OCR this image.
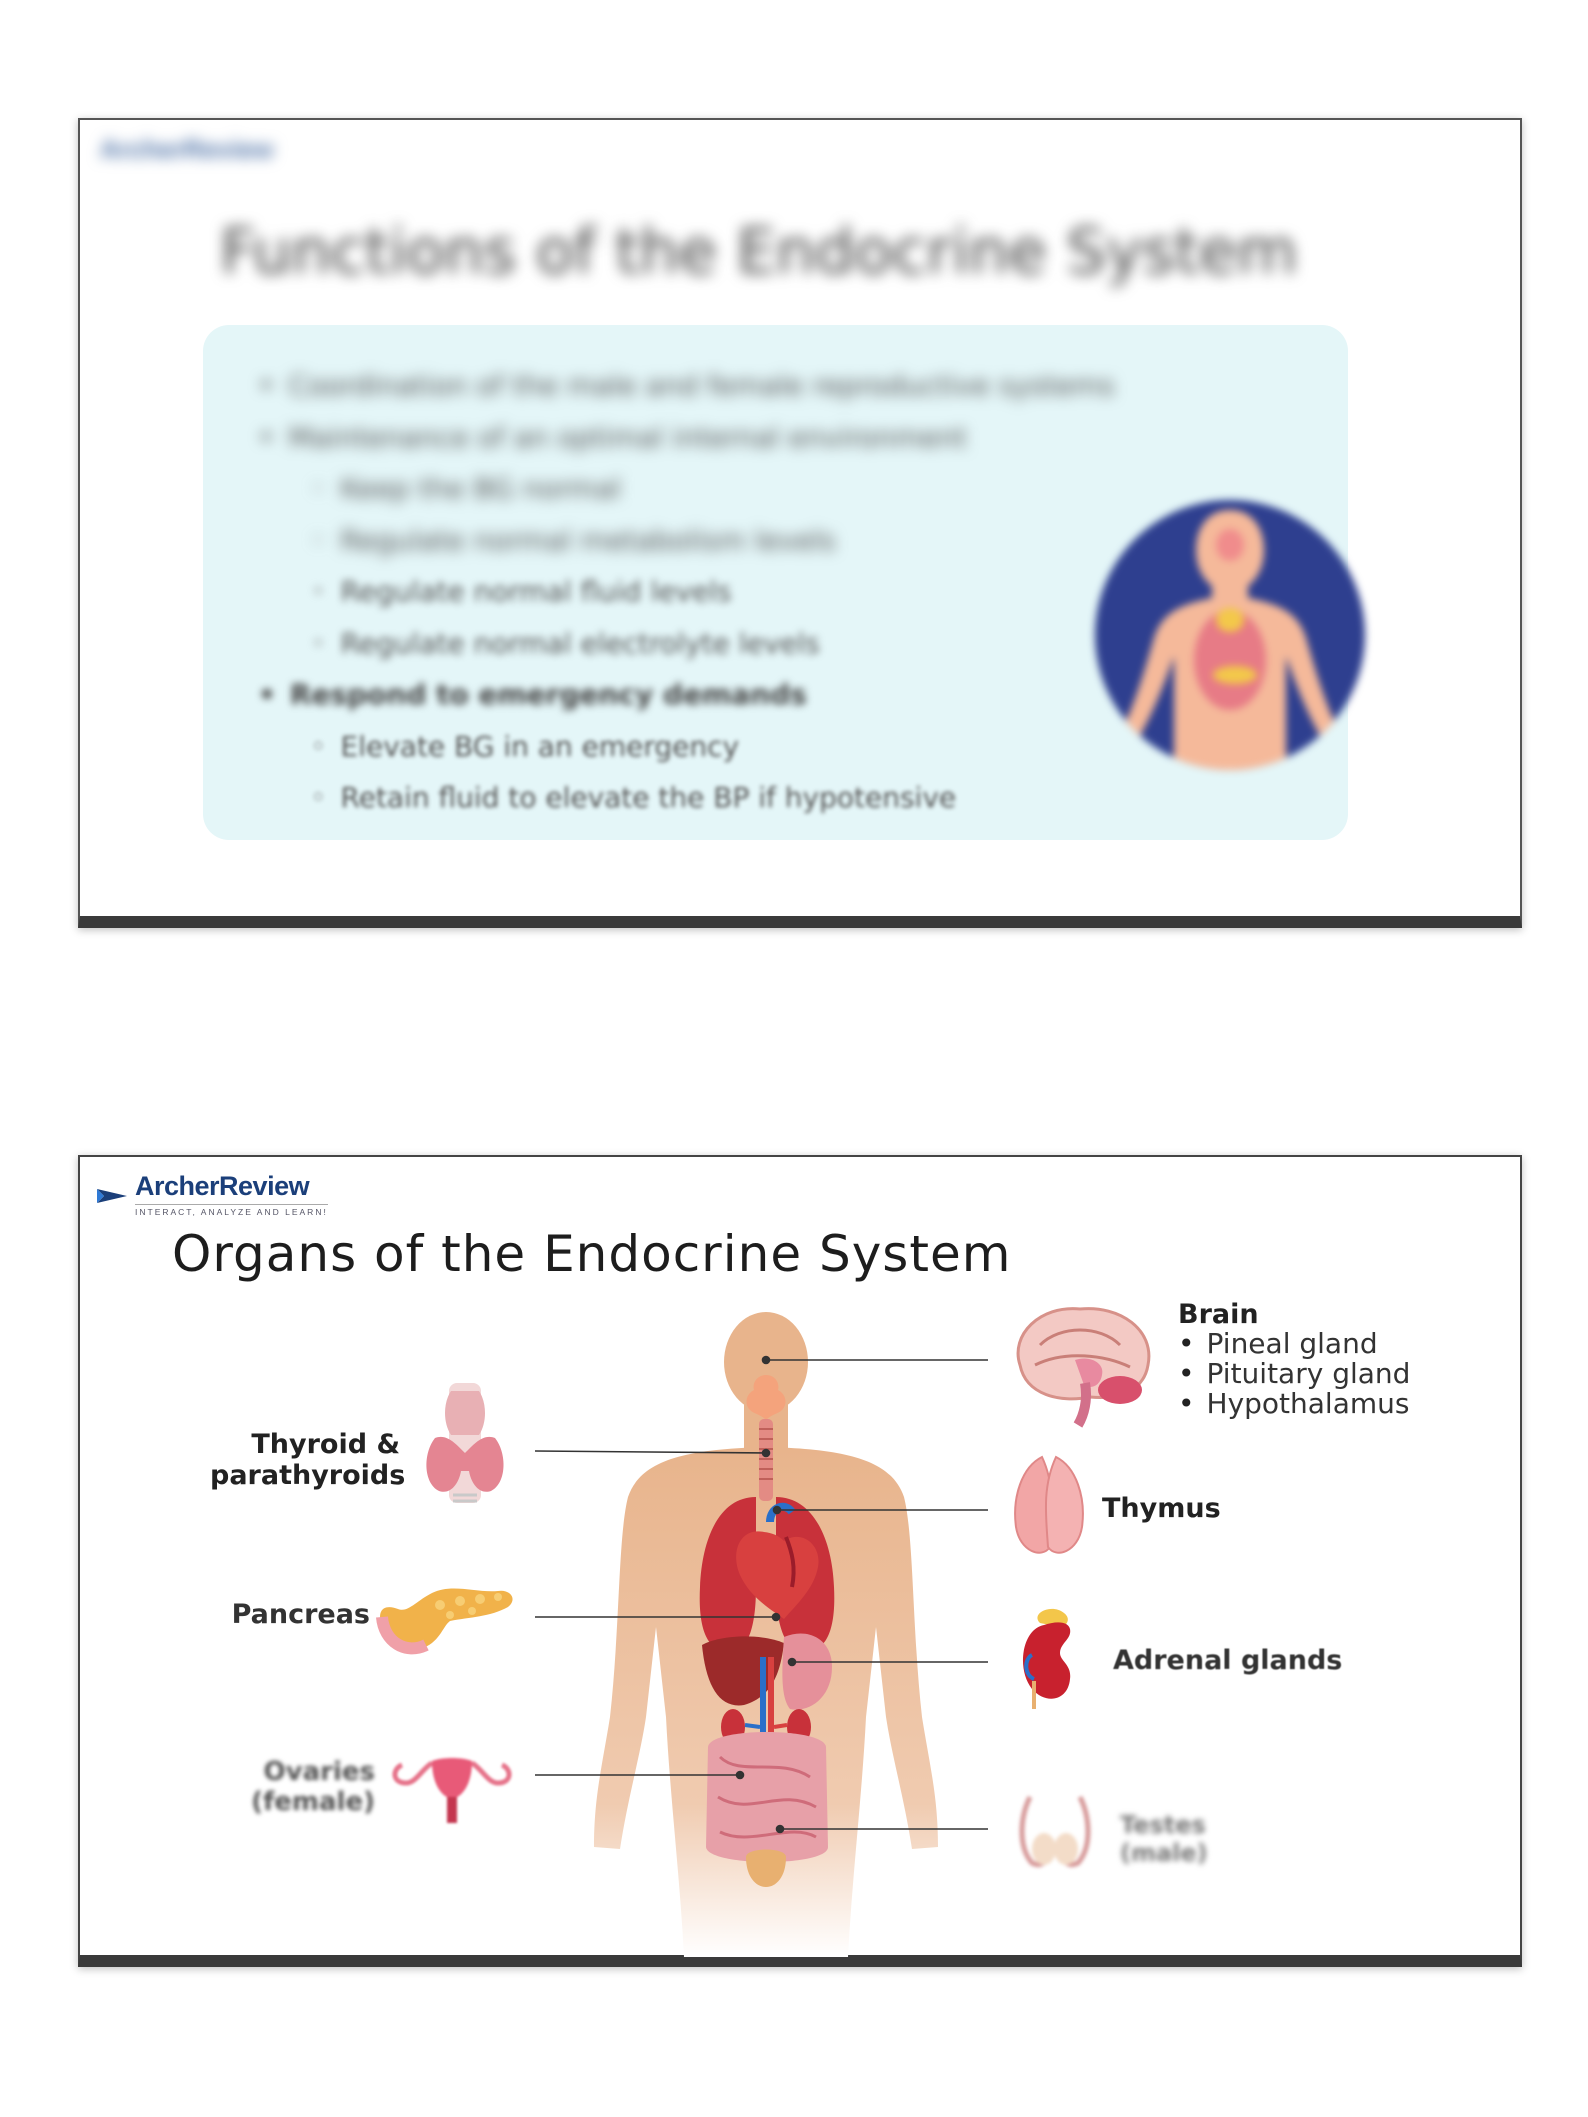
ArcherReview
Functions of the Endocrine System
• Coordination of the male and female reproductive systems
• Maintenance of an optimal internal environment
◦ Keep the BG normal
◦ Regulate normal metabolism levels
◦ Regulate normal fluid levels
◦ Regulate normal electrolyte levels
• Respond to emergency demands
◦ Elevate BG in an emergency
◦ Retain fluid to elevate the BP if hypotensive
ArcherReview
INTERACT, ANALYZE AND LEARN!
Organs of the Endocrine System
Brain
• Pineal gland
• Pituitary gland
• Hypothalamus
Thyroid &
parathyroids
Thymus
Pancreas
Adrenal glands
Ovaries
(female)
Testes
(male)
